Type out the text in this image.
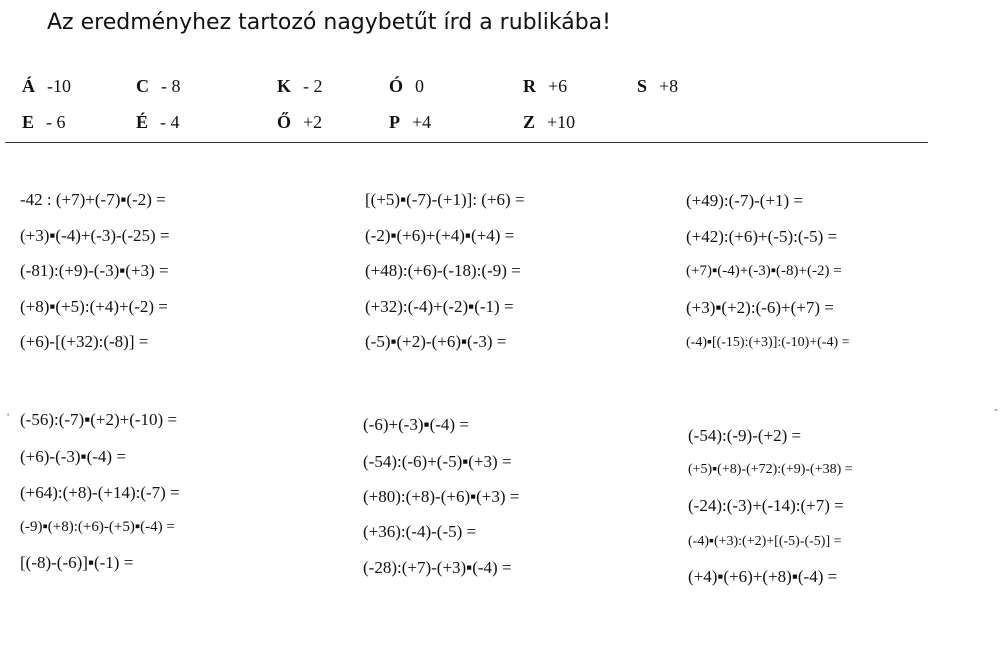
Az eredményhez tartozó nagybetűt írd a rublikába!
Á -10	C - 8	K - 2	Ó 0	R +6	S +8
E - 6	É - 4	Ő +2	P +4	Z +10
-42 : (+7)+(-7)▪(-2) =
(+3)▪(-4)+(-3)-(-25) =
(-81):(+9)-(-3)▪(+3) =
(+8)▪(+5):(+4)+(-2) =
(+6)-[(+32):(-8)] =
[(+5)▪(-7)-(+1)]: (+6) =
(-2)▪(+6)+(+4)▪(+4) =
(+48):(+6)-(-18):(-9) =
(+32):(-4)+(-2)▪(-1) =
(-5)▪(+2)-(+6)▪(-3) =
(+49):(-7)-(+1) =
(+42):(+6)+(-5):(-5) =
(+7)▪(-4)+(-3)▪(-8)+(-2) =
(+3)▪(+2):(-6)+(+7) =
(-4)▪[(-15):(+3)]:(-10)+(-4) =
' (-56):(-7)▪(+2)+(-10) =
(+6)-(-3)▪(-4) =
(+64):(+8)-(+14):(-7) =
(-9)▪(+8):(+6)-(+5)▪(-4) =
[(-8)-(-6)]▪(-1) =
(-6)+(-3)▪(-4) =
(-54):(-6)+(-5)▪(+3) =
(+80):(+8)-(+6)▪(+3) =
(+36):(-4)-(-5) =
(-28):(+7)-(+3)▪(-4) =
-
(-54):(-9)-(+2) =
(+5)▪(+8)-(+72):(+9)-(+38) =
(-24):(-3)+(-14):(+7) =
(-4)▪(+3):(+2)+[(-5)-(-5)] =
(+4)▪(+6)+(+8)▪(-4) =
